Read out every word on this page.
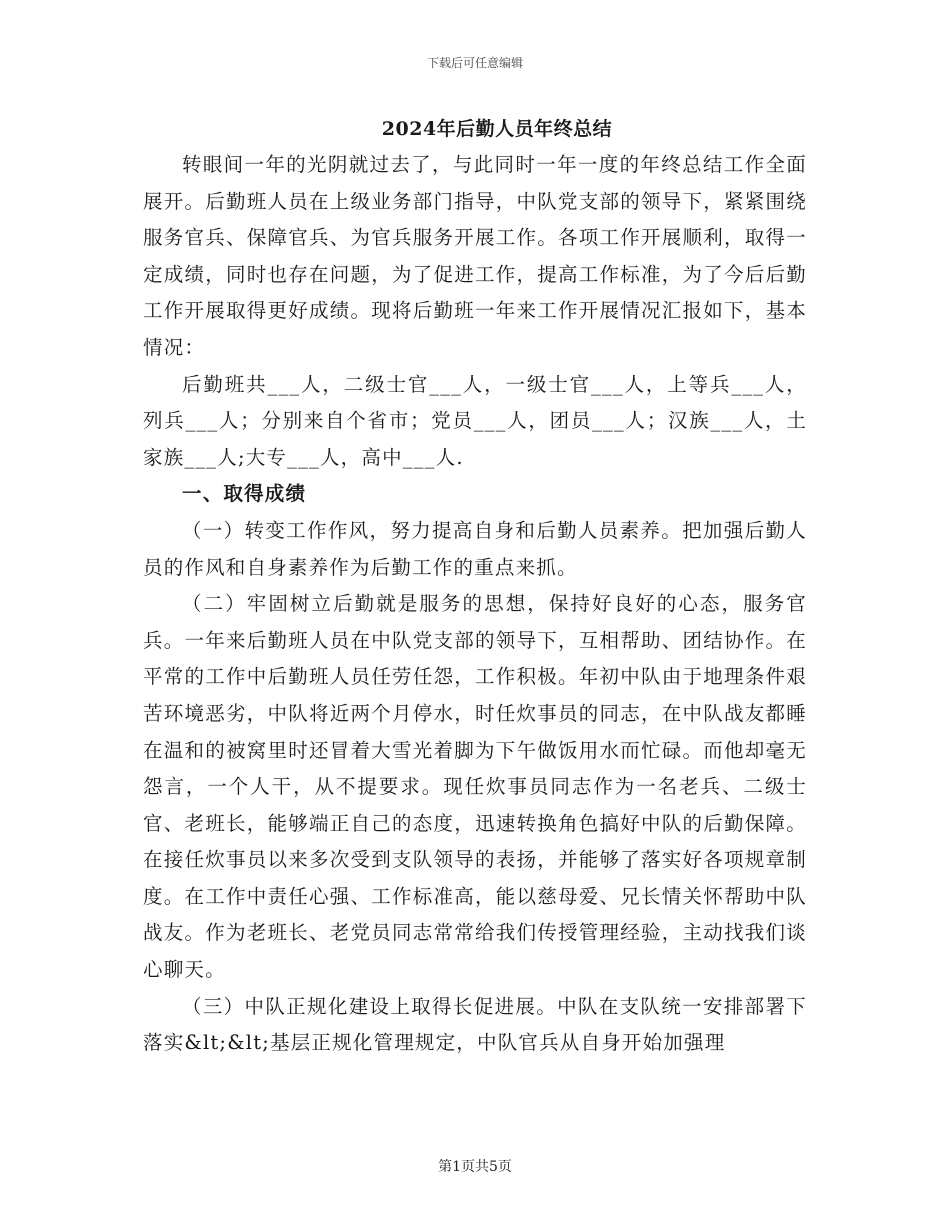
下载后可任意编辑
2024年后勤人员年终总结

转眼间一年的光阴就过去了，与此同时一年一度的年终总结工作全面展开。后勤班人员在上级业务部门指导，中队党支部的领导下，紧紧围绕服务官兵、保障官兵、为官兵服务开展工作。各项工作开展顺利，取得一定成绩，同时也存在问题，为了促进工作，提高工作标准，为了今后后勤工作开展取得更好成绩。现将后勤班一年来工作开展情况汇报如下，基本情况：

后勤班共___人，二级士官___人，一级士官___人，上等兵___人，列兵___人；分别来自个省市；党员___人，团员___人；汉族___人，土家族___人;大专___人，高中___人.

一、取得成绩

（一）转变工作作风，努力提高自身和后勤人员素养。把加强后勤人员的作风和自身素养作为后勤工作的重点来抓。

（二）牢固树立后勤就是服务的思想，保持好良好的心态，服务官兵。一年来后勤班人员在中队党支部的领导下，互相帮助、团结协作。在平常的工作中后勤班人员任劳任怨，工作积极。年初中队由于地理条件艰苦环境恶劣，中队将近两个月停水，时任炊事员的同志，在中队战友都睡在温和的被窝里时还冒着大雪光着脚为下午做饭用水而忙碌。而他却毫无怨言，一个人干，从不提要求。现任炊事员同志作为一名老兵、二级士官、老班长，能够端正自己的态度，迅速转换角色搞好中队的后勤保障。在接任炊事员以来多次受到支队领导的表扬，并能够了落实好各项规章制度。在工作中责任心强、工作标准高，能以慈母爱、兄长情关怀帮助中队战友。作为老班长、老党员同志常常给我们传授管理经验，主动找我们谈心聊天。

（三）中队正规化建设上取得长促进展。中队在支队统一安排部署下落实&lt;&lt;基层正规化管理规定，中队官兵从自身开始加强理

第1页共5页
